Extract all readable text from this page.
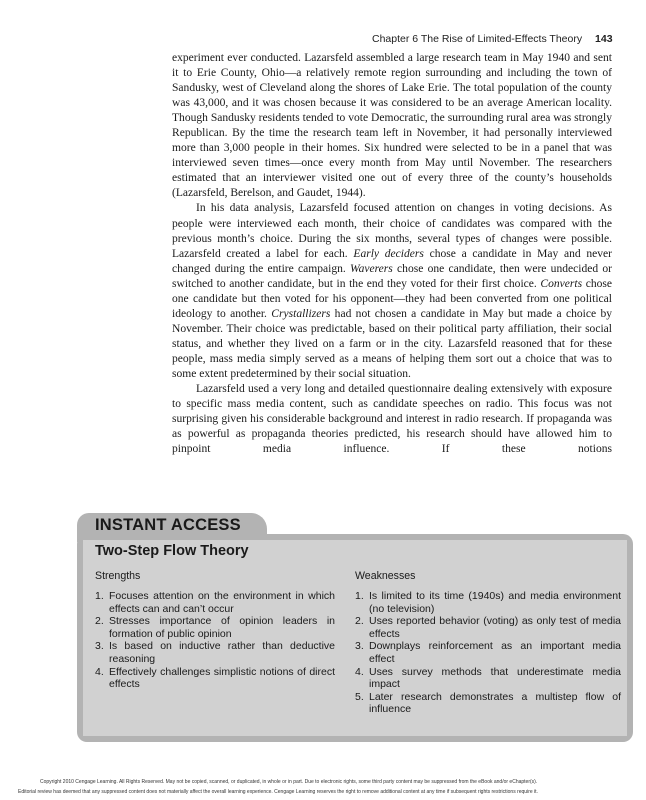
Chapter 6 The Rise of Limited-Effects Theory 143

experiment ever conducted. Lazarsfeld assembled a large research team in May 1940 and sent it to Erie County, Ohio—a relatively remote region surrounding and including the town of Sandusky, west of Cleveland along the shores of Lake Erie. The total population of the county was 43,000, and it was chosen because it was considered to be an average American locality. Though Sandusky residents tended to vote Democratic, the surrounding rural area was strongly Republican. By the time the research team left in November, it had personally interviewed more than 3,000 people in their homes. Six hundred were selected to be in a panel that was interviewed seven times—once every month from May until November. The researchers estimated that an interviewer visited one out of every three of the county’s households (Lazarsfeld, Berelson, and Gaudet, 1944).

In his data analysis, Lazarsfeld focused attention on changes in voting decisions. As people were interviewed each month, their choice of candidates was compared with the previous month’s choice. During the six months, several types of changes were possible. Lazarsfeld created a label for each. Early deciders chose a candidate in May and never changed during the entire campaign. Waverers chose one candidate, then were undecided or switched to another candidate, but in the end they voted for their first choice. Converts chose one candidate but then voted for his opponent—they had been converted from one political ideology to another. Crystallizers had not chosen a candidate in May but made a choice by November. Their choice was predictable, based on their political party affiliation, their social status, and whether they lived on a farm or in the city. Lazarsfeld reasoned that for these people, mass media simply served as a means of helping them sort out a choice that was to some extent predetermined by their social situation.

Lazarsfeld used a very long and detailed questionnaire dealing extensively with exposure to specific mass media content, such as candidate speeches on radio. This focus was not surprising given his considerable background and interest in radio research. If propaganda was as powerful as propaganda theories predicted, his research should have allowed him to pinpoint media influence. If these notions

INSTANT ACCESS
Two-Step Flow Theory
Strengths
1. Focuses attention on the environment in which effects can and can’t occur
2. Stresses importance of opinion leaders in formation of public opinion
3. Is based on inductive rather than deductive reasoning
4. Effectively challenges simplistic notions of direct effects
Weaknesses
1. Is limited to its time (1940s) and media environment (no television)
2. Uses reported behavior (voting) as only test of media effects
3. Downplays reinforcement as an important media effect
4. Uses survey methods that underestimate media impact
5. Later research demonstrates a multistep flow of influence
Copyright 2010 Cengage Learning. All Rights Reserved. May not be copied, scanned, or duplicated, in whole or in part. Due to electronic rights, some third party content may be suppressed from the eBook and/or eChapter(s).
Editorial review has deemed that any suppressed content does not materially affect the overall learning experience. Cengage Learning reserves the right to remove additional content at any time if subsequent rights restrictions require it.
